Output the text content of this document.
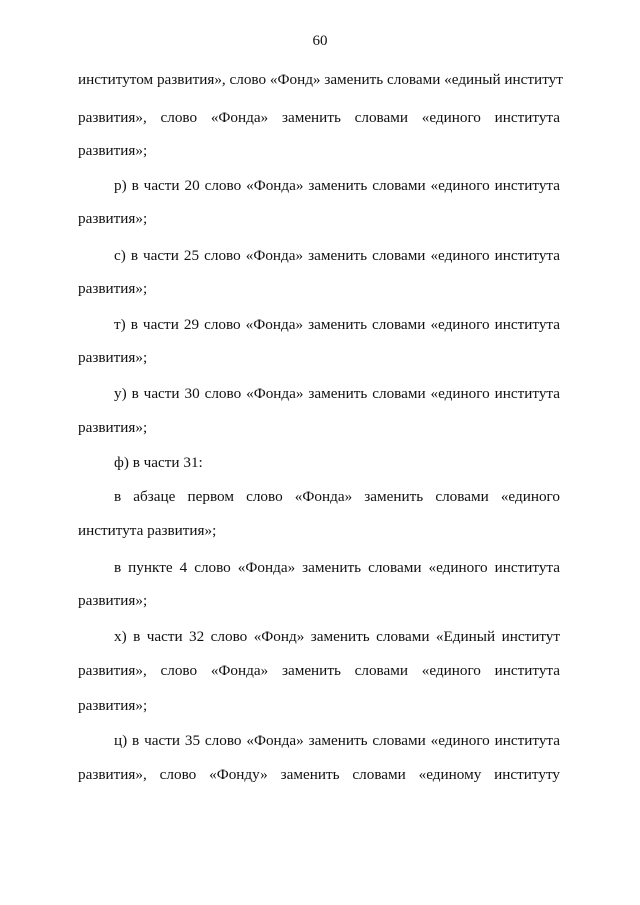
60
институтом развития», слово «Фонд» заменить словами «единый институт
развития», слово «Фонда» заменить словами «единого института
развития»;
р) в части 20 слово «Фонда» заменить словами «единого института
развития»;
с) в части 25 слово «Фонда» заменить словами «единого института
развития»;
т) в части 29 слово «Фонда» заменить словами «единого института
развития»;
у) в части 30 слово «Фонда» заменить словами «единого института
развития»;
ф) в части 31:
в абзаце первом слово «Фонда» заменить словами «единого
института развития»;
в пункте 4 слово «Фонда» заменить словами «единого института
развития»;
х) в части 32 слово «Фонд» заменить словами «Единый институт
развития», слово «Фонда» заменить словами «единого института
развития»;
ц) в части 35 слово «Фонда» заменить словами «единого института
развития», слово «Фонду» заменить словами «единому институту
